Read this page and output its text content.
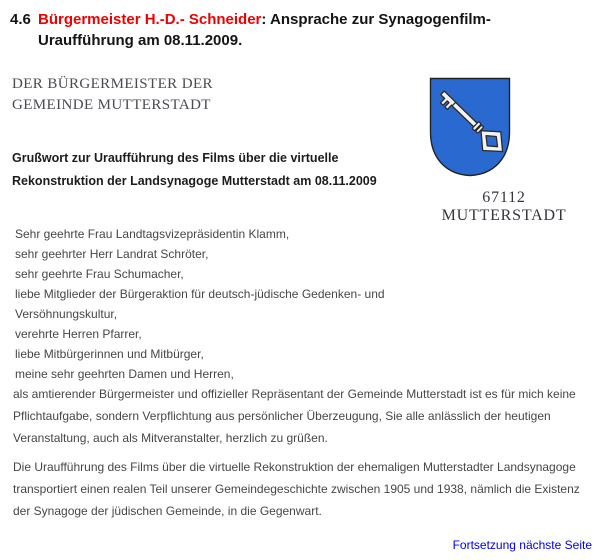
4.6 Bürgermeister H.-D.- Schneider: Ansprache zur Synagogenfilm-
Uraufführung am 08.11.2009.
DER BÜRGERMEISTER DER
GEMEINDE MUTTERSTADT
67112 MUTTERSTADT
Grußwort zur Uraufführung des Films über die virtuelle
Rekonstruktion der Landsynagoge Mutterstadt am 08.11.2009
Sehr geehrte Frau Landtagsvizepräsidentin Klamm,
sehr geehrter Herr Landrat Schröter,
sehr geehrte Frau Schumacher,
liebe Mitglieder der Bürgeraktion für deutsch-jüdische Gedenken- und
Versöhnungskultur,
verehrte Herren Pfarrer,
liebe Mitbürgerinnen und Mitbürger,
meine sehr geehrten Damen und Herren,
als amtierender Bürgermeister und offizieller Repräsentant der Gemeinde Mutterstadt ist es für mich keine Pflichtaufgabe, sondern Verpflichtung aus persönlicher Überzeugung, Sie alle anlässlich der heutigen Veranstaltung, auch als Mitveranstalter, herzlich zu grüßen.
Die Uraufführung des Films über die virtuelle Rekonstruktion der ehemaligen Mutterstadter Landsynagoge transportiert einen realen Teil unserer Gemeindegeschichte zwischen 1905 und 1938, nämlich die Existenz der Synagoge der jüdischen Gemeinde, in die Gegenwart.
Fortsetzung nächste Seite
